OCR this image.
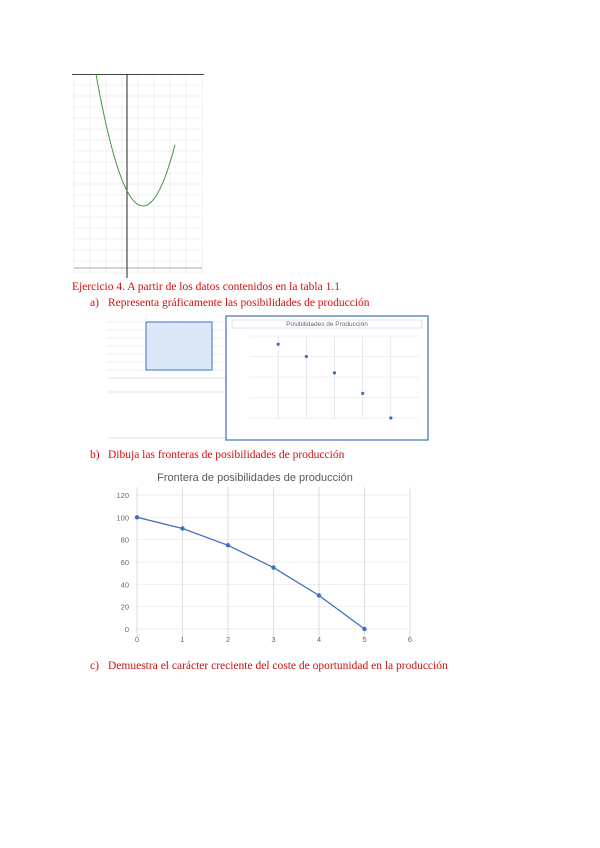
Ejercicio 4. A partir de los datos contenidos en la tabla 1.1
a) Representa gráficamente las posibilidades de producción
Posibilidades de Producción
b) Dibuja las fronteras de posibilidades de producción
Frontera de posibilidades de producción
0
20
40
60
80
100
120
0	1	2	3	4	5	6
c) Demuestra el carácter creciente del coste de oportunidad en la producción
